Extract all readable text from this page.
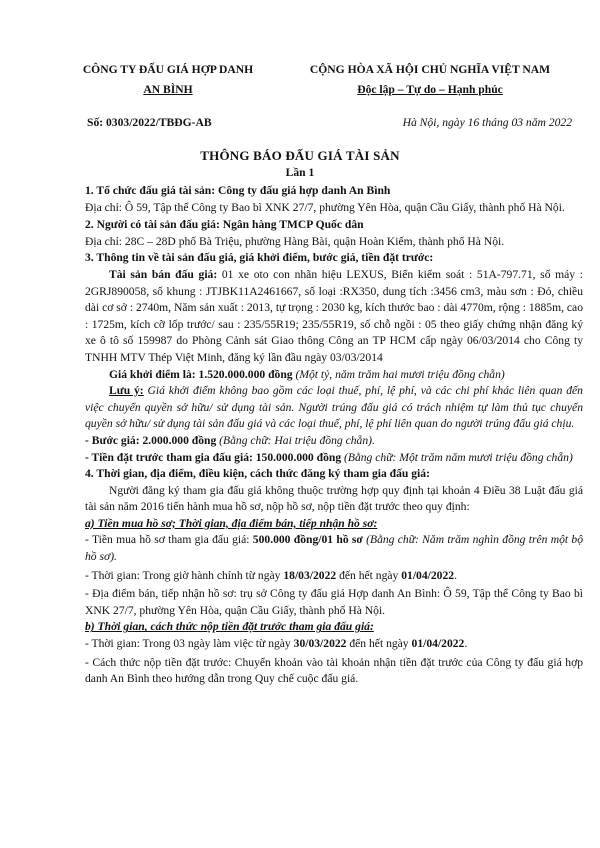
CÔNG TY ĐẤU GIÁ HỢP DANH
AN BÌNH
CỘNG HÒA XÃ HỘI CHỦ NGHĨA VIỆT NAM
Độc lập – Tự do – Hạnh phúc
Số: 0303/2022/TBĐG-AB	Hà Nội, ngày 16 tháng 03 năm 2022
THÔNG BÁO ĐẤU GIÁ TÀI SẢN
Lần 1

1. Tổ chức đấu giá tài sản: Công ty đấu giá hợp danh An Bình

Địa chỉ: Ô 59, Tập thể Công ty Bao bì XNK 27/7, phường Yên Hòa, quận Cầu Giấy, thành phố Hà Nội.

2. Người có tài sản đấu giá: Ngân hàng TMCP Quốc dân

Địa chỉ: 28C – 28D phố Bà Triệu, phường Hàng Bài, quận Hoàn Kiếm, thành phố Hà Nội.

3. Thông tin về tài sản đấu giá, giá khởi điểm, bước giá, tiền đặt trước:

Tài sản bán đấu giá: 01 xe oto con nhãn hiệu LEXUS, Biển kiểm soát : 51A-797.71, số máy : 2GRJ890058, số khung : JTJBK11A2461667, số loại :RX350, dung tích :3456 cm3, màu sơn : Đỏ, chiều dài cơ sở : 2740m, Năm sản xuất : 2013, tự trọng : 2030 kg, kích thước bao : dài 4770m, rộng : 1885m, cao : 1725m, kích cỡ lốp trước/ sau : 235/55R19; 235/55R19, số chỗ ngồi : 05 theo giấy chứng nhận đăng ký xe ô tô số 159987 do Phòng Cảnh sát Giao thông Công an TP HCM cấp ngày 06/03/2014 cho Công ty TNHH MTV Thép Việt Minh, đăng ký lần đầu ngày 03/03/2014

Giá khởi điểm là: 1.520.000.000 đồng (Một tỷ, năm trăm hai mươi triệu đồng chẵn)

Lưu ý: Giá khởi điểm không bao gồm các loại thuế, phí, lệ phí, và các chi phí khác liên quan đến việc chuyển quyền sở hữu/ sử dụng tài sản. Người trúng đấu giá có trách nhiệm tự làm thủ tục chuyển quyền sở hữu/ sử dụng tài sản đấu giá và các loại thuế, phí, lệ phí liên quan do người trúng đấu giá chịu.

- Bước giá: 2.000.000 đồng (Bằng chữ: Hai triệu đồng chẵn).

- Tiền đặt trước tham gia đấu giá: 150.000.000 đồng (Bằng chữ: Một trăm năm mươi triệu đồng chẵn)

4. Thời gian, địa điểm, điều kiện, cách thức đăng ký tham gia đấu giá:

Người đăng ký tham gia đấu giá không thuộc trường hợp quy định tại khoản 4 Điều 38 Luật đấu giá tài sản năm 2016 tiến hành mua hồ sơ, nộp hồ sơ, nộp tiền đặt trước theo quy định:

a) Tiền mua hồ sơ; Thời gian, địa điểm bán, tiếp nhận hồ sơ:

- Tiền mua hồ sơ tham gia đấu giá: 500.000 đồng/01 hồ sơ (Bằng chữ: Năm trăm nghìn đồng trên một bộ hồ sơ).

- Thời gian: Trong giờ hành chính từ ngày 18/03/2022 đến hết ngày 01/04/2022.

- Địa điểm bán, tiếp nhận hồ sơ: trụ sở Công ty đấu giá Hợp danh An Bình: Ô 59, Tập thể Công ty Bao bì XNK 27/7, phường Yên Hòa, quận Cầu Giấy, thành phố Hà Nội.

b) Thời gian, cách thức nộp tiền đặt trước tham gia đấu giá:

- Thời gian: Trong 03 ngày làm việc từ ngày 30/03/2022 đến hết ngày 01/04/2022.

- Cách thức nộp tiền đặt trước: Chuyển khoản vào tài khoản nhận tiền đặt trước của Công ty đấu giá hợp danh An Bình theo hướng dẫn trong Quy chế cuộc đấu giá.
